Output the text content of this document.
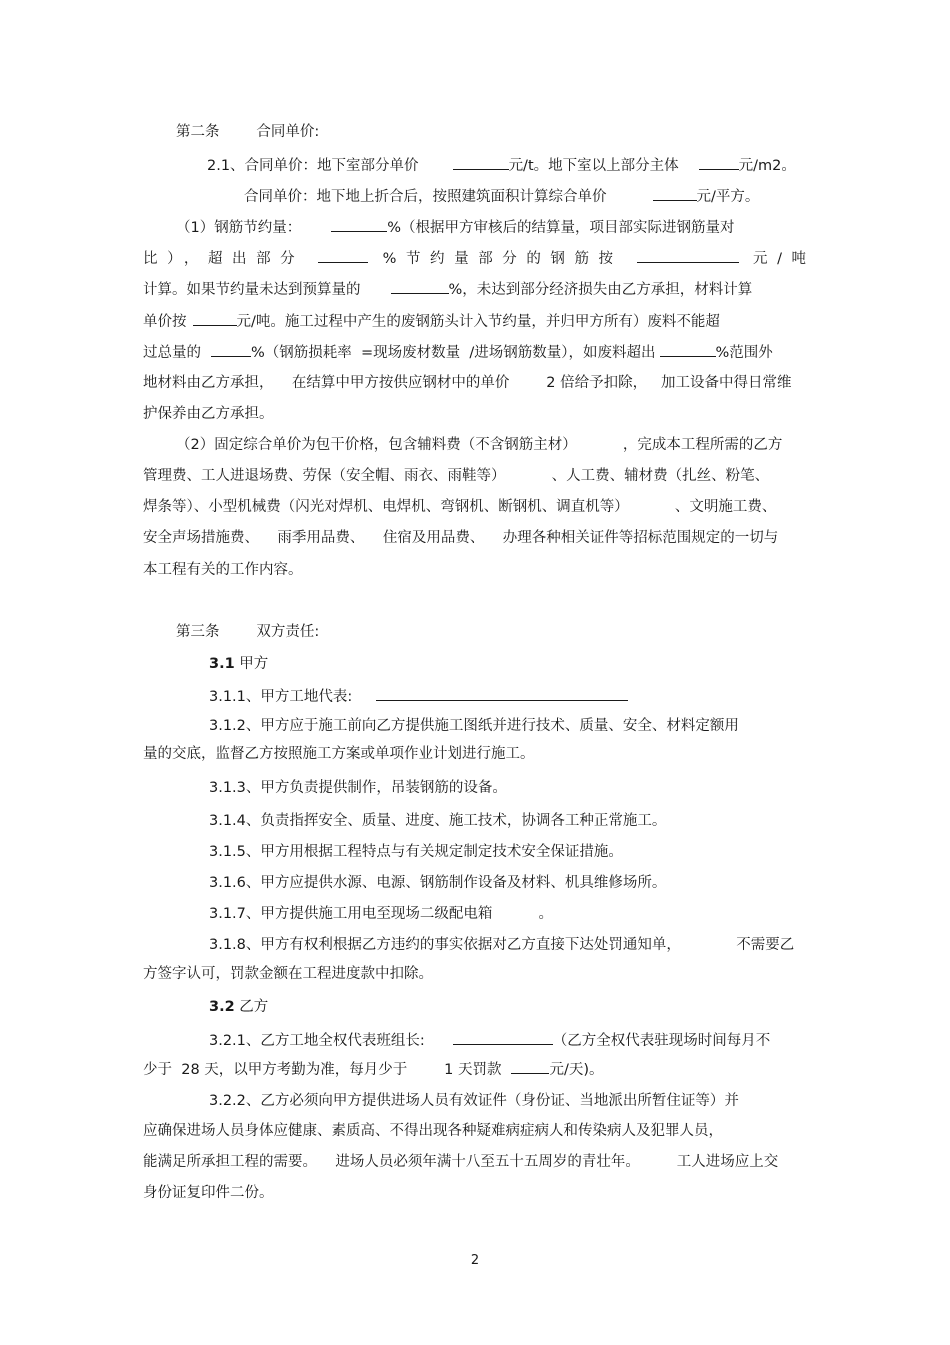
第二条        合同单价:
2.1、合同单价：地下室部分单价	元/t。地下室以上部分主体	元/m2。
合同单价：地下地上折合后，按照建筑面积计算综合单价	元/平方。
（1）钢筋节约量：	%（根据甲方审核后的结算量，项目部实际进钢筋量对
比），超出部分	%节约量部分的钢筋按	元/吨
计算。如果节约量未达到预算量的	%，未达到部分经济损失由乙方承担，材料计算
单价按	元/吨。施工过程中产生的废钢筋头计入节约量，并归甲方所有）废料不能超
过总量的	%（钢筋损耗率  =现场废材数量  /进场钢筋数量），如废料超出	%范围外
地材料由乙方承担，    在结算中甲方按供应钢材中的单价        2 倍给予扣除，   加工设备中得日常维
护保养由乙方承担。
（2）固定综合单价为包干价格，包含辅料费（不含钢筋主材）          ，完成本工程所需的乙方
管理费、工人进退场费、劳保（安全帽、雨衣、雨鞋等）          、人工费、辅材费（扎丝、粉笔、
焊条等）、小型机械费（闪光对焊机、电焊机、弯钢机、断钢机、调直机等）          、文明施工费、
安全声场措施费、    雨季用品费、    住宿及用品费、    办理各种相关证件等招标范围规定的一切与
本工程有关的工作内容。
第三条        双方责任:
3.1 甲方
3.1.1、甲方工地代表:
3.1.2、甲方应于施工前向乙方提供施工图纸并进行技术、质量、安全、材料定额用
量的交底，监督乙方按照施工方案或单项作业计划进行施工。
3.1.3、甲方负责提供制作，吊装钢筋的设备。
3.1.4、负责指挥安全、质量、进度、施工技术，协调各工种正常施工。
3.1.5、甲方用根据工程特点与有关规定制定技术安全保证措施。
3.1.6、甲方应提供水源、电源、钢筋制作设备及材料、机具维修场所。
3.1.7、甲方提供施工用电至现场二级配电箱          。
3.1.8、甲方有权利根据乙方违约的事实依据对乙方直接下达处罚通知单，            不需要乙
方签字认可，罚款金额在工程进度款中扣除。
3.2 乙方
3.2.1、乙方工地全权代表班组长:	（乙方全权代表驻现场时间每月不
少于  28 天，以甲方考勤为准，每月少于        1 天罚款	元/天)。
3.2.2、乙方必须向甲方提供进场人员有效证件（身份证、当地派出所暂住证等）并
应确保进场人员身体应健康、素质高、不得出现各种疑难病症病人和传染病人及犯罪人员，
能满足所承担工程的需要。    进场人员必须年满十八至五十五周岁的青壮年。        工人进场应上交
身份证复印件二份。
2
